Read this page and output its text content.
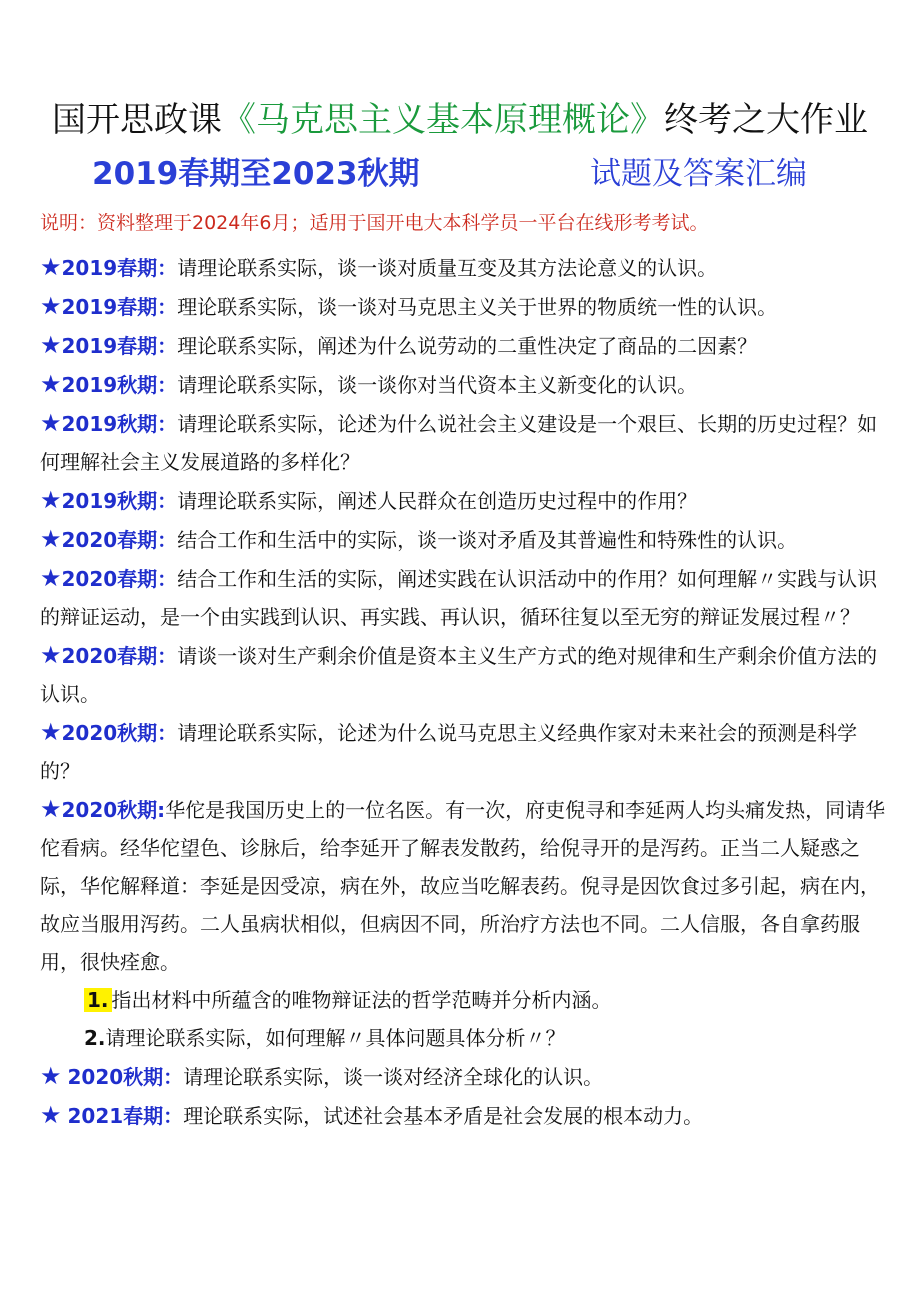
国开思政课《马克思主义基本原理概论》终考之大作业
2019春期至2023秋期	试题及答案汇编
说明：资料整理于2024年6月；适用于国开电大本科学员一平台在线形考考试。

★2019春期：请理论联系实际，谈一谈对质量互变及其方法论意义的认识。

★2019春期：理论联系实际，谈一谈对马克思主义关于世界的物质统一性的认识。

★2019春期：理论联系实际，阐述为什么说劳动的二重性决定了商品的二因素？

★2019秋期：请理论联系实际，谈一谈你对当代资本主义新变化的认识。

★2019秋期：请理论联系实际，论述为什么说社会主义建设是一个艰巨、长期的历史过程？如何理解社会主义发展道路的多样化？

★2019秋期：请理论联系实际，阐述人民群众在创造历史过程中的作用？

★2020春期：结合工作和生活中的实际，谈一谈对矛盾及其普遍性和特殊性的认识。

★2020春期：结合工作和生活的实际，阐述实践在认识活动中的作用？如何理解〃实践与认识的辩证运动，是一个由实践到认识、再实践、再认识，循环往复以至无穷的辩证发展过程〃？

★2020春期：请谈一谈对生产剩余价值是资本主义生产方式的绝对规律和生产剩余价值方法的认识。

★2020秋期：请理论联系实际，论述为什么说马克思主义经典作家对未来社会的预测是科学的？

★2020秋期:华佗是我国历史上的一位名医。有一次，府吏倪寻和李延两人均头痛发热，同请华佗看病。经华佗望色、诊脉后，给李延开了解表发散药，给倪寻开的是泻药。正当二人疑惑之际，华佗解释道：李延是因受凉，病在外，故应当吃解表药。倪寻是因饮食过多引起，病在内，故应当服用泻药。二人虽病状相似，但病因不同，所治疗方法也不同。二人信服，各自拿药服用，很快痊愈。

1. 指出材料中所蕴含的唯物辩证法的哲学范畴并分析内涵。

2.请理论联系实际，如何理解〃具体问题具体分析〃？

★ 2020秋期：请理论联系实际，谈一谈对经济全球化的认识。

★ 2021春期：理论联系实际，试述社会基本矛盾是社会发展的根本动力。
